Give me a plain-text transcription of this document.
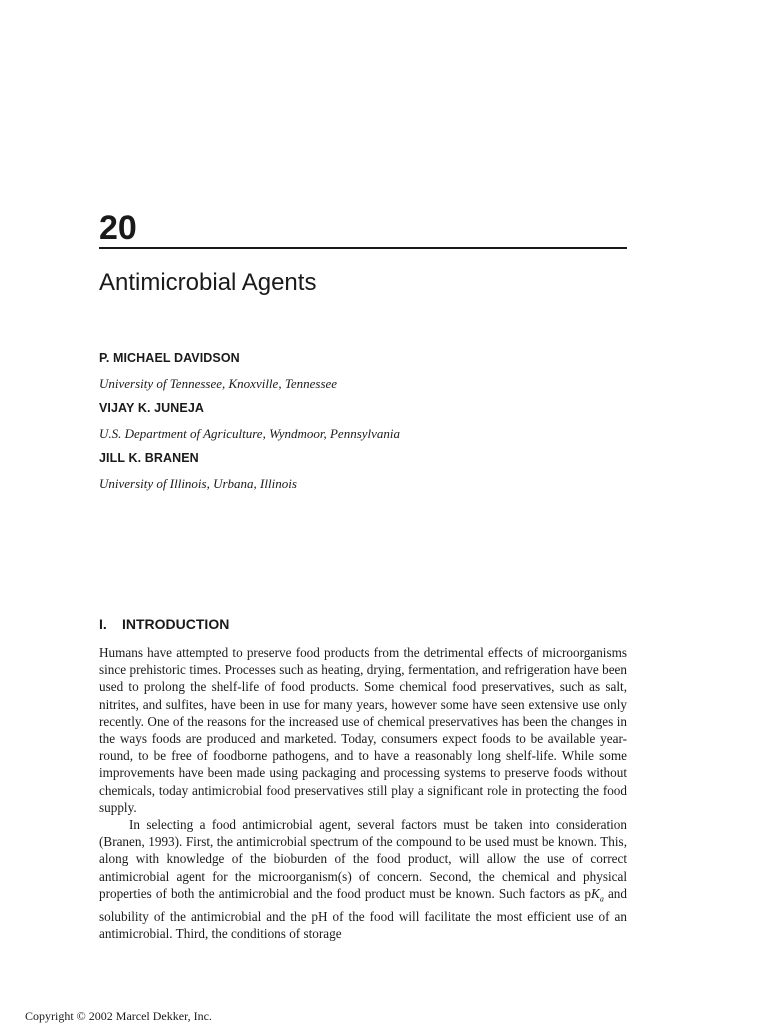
20
Antimicrobial Agents
P. MICHAEL DAVIDSON
University of Tennessee, Knoxville, Tennessee
VIJAY K. JUNEJA
U.S. Department of Agriculture, Wyndmoor, Pennsylvania
JILL K. BRANEN
University of Illinois, Urbana, Illinois
I. INTRODUCTION

Humans have attempted to preserve food products from the detrimental effects of microorganisms since prehistoric times. Processes such as heating, drying, fermentation, and refrigeration have been used to prolong the shelf-life of food products. Some chemical food preservatives, such as salt, nitrites, and sulfites, have been in use for many years, however some have seen extensive use only recently. One of the reasons for the increased use of chemical preservatives has been the changes in the ways foods are produced and marketed. Today, consumers expect foods to be available year-round, to be free of foodborne pathogens, and to have a reasonably long shelf-life. While some improvements have been made using packaging and processing systems to preserve foods without chemicals, today antimicrobial food preservatives still play a significant role in protecting the food supply.

In selecting a food antimicrobial agent, several factors must be taken into consideration (Branen, 1993). First, the antimicrobial spectrum of the compound to be used must be known. This, along with knowledge of the bioburden of the food product, will allow the use of correct antimicrobial agent for the microorganism(s) of concern. Second, the chemical and physical properties of both the antimicrobial and the food product must be known. Such factors as $pK_a$ and solubility of the antimicrobial and the pH of the food will facilitate the most efficient use of an antimicrobial. Third, the conditions of storage

Copyright © 2002 Marcel Dekker, Inc.
